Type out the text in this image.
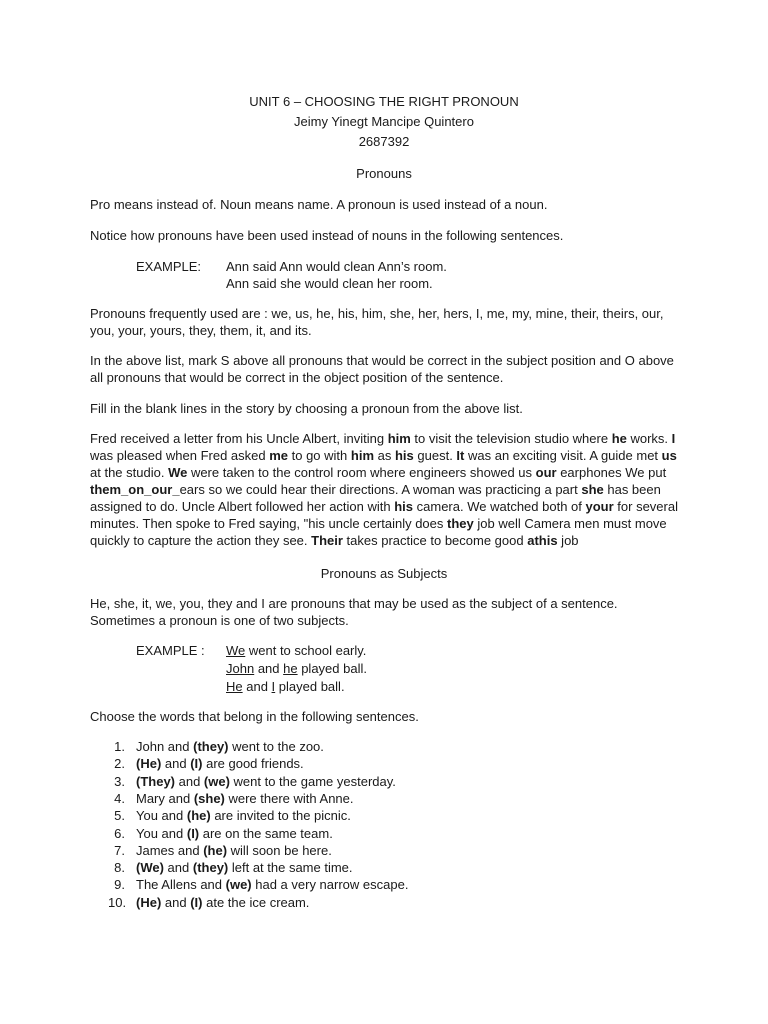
UNIT 6 – CHOOSING THE RIGHT PRONOUN
Jeimy Yinegt Mancipe Quintero
2687392
Pronouns
Pro means instead of. Noun means name. A pronoun is used instead of a noun.
Notice how pronouns have been used instead of nouns in the following sentences.
EXAMPLE: Ann said Ann would clean Ann’s room.
Ann said she would clean her room.
Pronouns frequently used are : we, us, he, his, him, she, her, hers, I, me, my, mine, their, theirs, our, you, your, yours, they, them, it, and its.
In the above list, mark S above all pronouns that would be correct in the subject position and O above all pronouns that would be correct in the object position of the sentence.
Fill in the blank lines in the story by choosing a pronoun from the above list.
Fred received a letter from his Uncle Albert, inviting him to visit the television studio where he works. I was pleased when Fred asked me to go with him as his guest. It was an exciting visit. A guide met us at the studio. We were taken to the control room where engineers showed us our earphones We put them_on_our_ears so we could hear their directions. A woman was practicing a part she has been assigned to do. Uncle Albert followed her action with his camera. We watched both of your for several minutes. Then spoke to Fred saying, "his uncle certainly does they job well Camera men must move quickly to capture the action they see. Their takes practice to become good athis job
Pronouns as Subjects
He, she, it, we, you, they and I are pronouns that may be used as the subject of a sentence. Sometimes a pronoun is one of two subjects.
EXAMPLE : We went to school early.
John and he played ball.
He and I played ball.
Choose the words that belong in the following sentences.
1. John and (they) went to the zoo.
2. (He) and (I) are good friends.
3. (They) and (we) went to the game yesterday.
4. Mary and (she) were there with Anne.
5. You and (he) are invited to the picnic.
6. You and (I) are on the same team.
7. James and (he) will soon be here.
8. (We) and (they) left at the same time.
9. The Allens and (we) had a very narrow escape.
10. (He) and (I) ate the ice cream.
